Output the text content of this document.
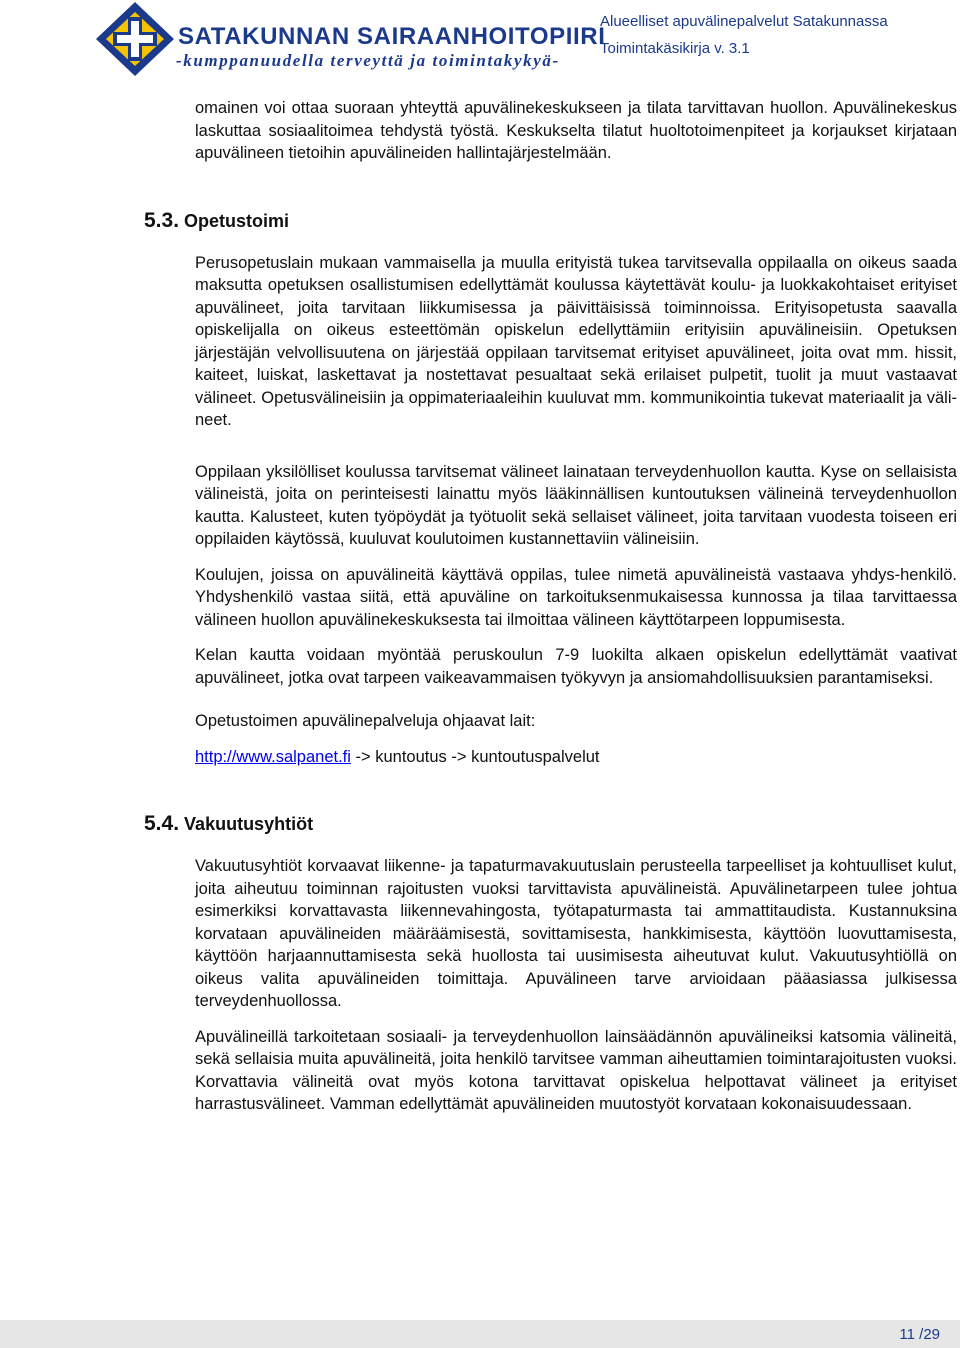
SATAKUNNAN SAIRAANHOITOPIIRI
-kumppanuudella terveyttä ja toimintakykyä-
Alueelliset apuvälinepalvelut Satakunnassa
Toimintakäsikirja v. 3.1

omainen voi ottaa suoraan yhteyttä apuvälinekeskukseen ja tilata tarvittavan huollon. Apuvälinekeskus laskuttaa sosiaalitoimea tehdystä työstä. Keskukselta tilatut huoltotoimenpiteet ja korjaukset kirjataan apuvälineen tietoihin apuvälineiden hallintajärjestelmään.

5.3. Opetustoimi

Perusopetuslain mukaan vammaisella ja muulla erityistä tukea tarvitsevalla oppilaalla on oikeus saada maksutta opetuksen osallistumisen edellyttämät koulussa käytettävät koulu- ja luokkakohtaiset erityiset apuvälineet, joita tarvitaan liikkumisessa ja päivittäisissä toiminnoissa. Erityisopetusta saavalla opiskelijalla on oikeus esteettömän opiskelun edellyttämiin erityisiin apuvälineisiin. Opetuksen järjestäjän velvollisuutena on järjestää oppilaan tarvitsemat erityiset apuvälineet, joita ovat mm. hissit, kaiteet, luiskat, laskettavat ja nostettavat pesualtaat sekä erilaiset pulpetit, tuolit ja muut vastaavat välineet. Opetusvälineisiin ja oppimateriaaleihin kuuluvat mm. kommunikointia tukevat materiaalit ja välineet.

Oppilaan yksilölliset koulussa tarvitsemat välineet lainataan terveydenhuollon kautta. Kyse on sellaisista välineistä, joita on perinteisesti lainattu myös lääkinnällisen kuntoutuksen välineinä terveydenhuollon kautta. Kalusteet, kuten työpöydät ja työtuolit sekä sellaiset välineet, joita tarvitaan vuodesta toiseen eri oppilaiden käytössä, kuuluvat koulutoimen kustannettaviin välineisiin.

Koulujen, joissa on apuvälineitä käyttävä oppilas, tulee nimetä apuvälineistä vastaava yhdys-henkilö. Yhdyshenkilö vastaa siitä, että apuväline on tarkoituksenmukaisessa kunnossa ja tilaa tarvittaessa välineen huollon apuvälinekeskuksesta tai ilmoittaa välineen käyttötarpeen loppumisesta.

Kelan kautta voidaan myöntää peruskoulun 7-9 luokilta alkaen opiskelun edellyttämät vaativat apuvälineet, jotka ovat tarpeen vaikeavammaisen työkyvyn ja ansiomahdollisuuksien parantamiseksi.

Opetustoimen apuvälinepalveluja ohjaavat lait:

http://www.salpanet.fi -> kuntoutus -> kuntoutuspalvelut

5.4. Vakuutusyhtiöt

Vakuutusyhtiöt korvaavat liikenne- ja tapaturmavakuutuslain perusteella tarpeelliset ja kohtuulliset kulut, joita aiheutuu toiminnan rajoitusten vuoksi tarvittavista apuvälineistä. Apuvälinetarpeen tulee johtua esimerkiksi korvattavasta liikennevahingosta, työtapaturmasta tai ammattitaudista. Kustannuksina korvataan apuvälineiden määräämisestä, sovittamisesta, hankkimisesta, käyttöön luovuttamisesta, käyttöön harjaannuttamisesta sekä huollosta tai uusimisesta aiheutuvat kulut. Vakuutusyhtiöllä on oikeus valita apuvälineiden toimittaja. Apuvälineen tarve arvioidaan pääasiassa julkisessa terveydenhuollossa.

Apuvälineillä tarkoitetaan sosiaali- ja terveydenhuollon lainsäädännön apuvälineiksi katsomia välineitä, sekä sellaisia muita apuvälineitä, joita henkilö tarvitsee vamman aiheuttamien toimintarajoitusten vuoksi. Korvattavia välineitä ovat myös kotona tarvittavat opiskelua helpottavat välineet ja erityiset harrastusvälineet. Vamman edellyttämät apuvälineiden muutostyöt korvataan kokonaisuudessaan.

11 /29
